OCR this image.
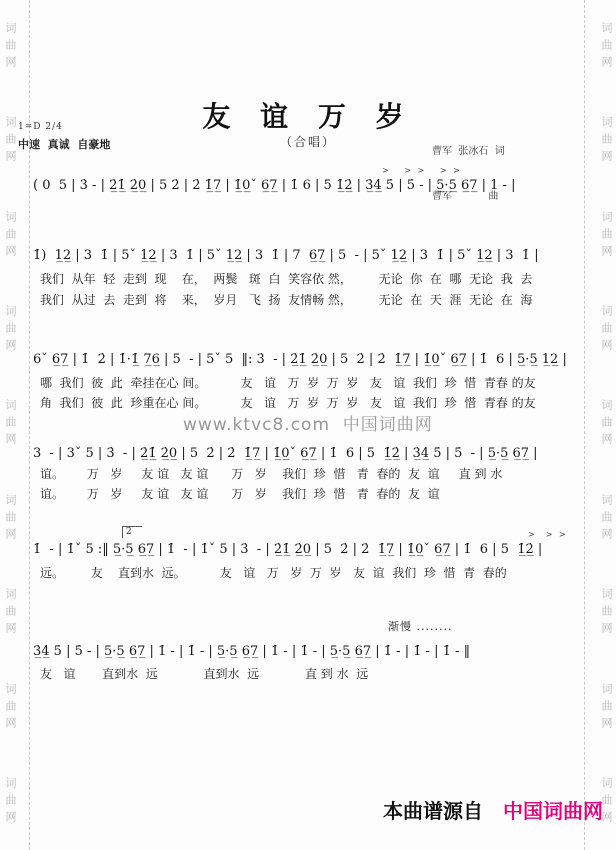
词曲网
词曲网
词曲网
词曲网
词曲网
词曲网
词曲网
词曲网
词曲网
词曲网
词曲网
词曲网
词曲网
词曲网
词曲网
词曲网
词曲网
词曲网
1=D 2/4
中速  真诚  自豪地
友 谊 万 岁
（合唱）

曹军  张冰石  词

曹军　　　  曲

>   > >   > >
( 0  5 | 3̇ - | 2̲̇1̲̇ 2̲̇0̲ | 5 2̇ | 2̇ 1̲̇7̲ | 1̲̇0̲ˇ 6̲7̲ | 1̇ 6 | 5 1̲̇2̲̇ | 3̲̇4̲̇ 5̇ | 5̇ - | 5̲·5̲ 6̲7̲ | 1 - |
1̇)  1̲2̲ | 3  1̇ | 5ˇ 1̲2̲ | 3  1̇ | 5ˇ 1̲2̲ | 3  1̇ | 7  6̲7̲ | 5  - | 5ˇ 1̲2̲ | 3  1̇ | 5ˇ 1̲2̲ | 3  1̇ |
我们  从年  轻  走到  现    在，  两鬓   斑  白  笑容依 然，       无论  你  在  哪  无论  我  去
我们  从过  去  走到  将    来，  岁月   飞  扬  友情畅 然，       无论  在  天  涯  无论  在  海
6ˇ 6̲7̲ | 1̇  2̇ | 1̇·1̲̇ 7̲6̲ | 5  - | 5ˇ 5  ‖: 3̇  - | 2̲̇1̲̇ 2̲̇0̲ | 5  2̇ | 2̇  1̲̇7̲ | 1̲̇0̲ˇ 6̲7̲ | 1̇  6 | 5̲·5̲ 1̲2̲ |
哪  我们  彼  此  牵挂在心 间。         友   谊   万  岁  万  岁   友   谊  我们  珍  惜  青春 的友
角  我们  彼  此  珍重在心 间。         友   谊   万  岁  万  岁   友   谊  我们  珍  惜  青春 的友
www.ktvc8.com  中国词曲网
3  - | 3ˇ 5 | 3̇  - | 2̲̇1̲̇ 2̲̇0̲ | 5  2̇ | 2̇  1̲̇7̲ | 1̲̇0̲ˇ 6̲7̲ | 1̇  6 | 5  1̲̇2̲̇ | 3̲̇4̲̇ 5̇ | 5̇  - | 5̲·5̲ 6̲7̲ |
谊。      万   岁     友 谊   友 谊      万   岁    我们  珍  惜   青  春的  友  谊     直 到 水
谊。      万   岁     友 谊   友 谊      万   岁    我们  珍  惜   青  春的  友  谊
2	>  > >
1̇  - | 1̇ˇ 5 :‖ 5̲·5̲ 6̲7̲ | 1̇  - | 1̇ˇ 5 | 3̇  - | 2̲̇1̲̇ 2̲̇0̲ | 5  2̇ | 2̇  1̲̇7̲ | 1̲̇0̲ˇ 6̲7̲ | 1̇  6 | 5  1̲̇2̲̇ |
远。       友    直到水  远。         友   谊   万   岁  万  岁   友  谊  我们  珍  惜  青  春的
渐慢 ........
3̲̇4̲̇ 5̇ | 5̇ - | 5̲·5̲ 6̲7̲ | 1̇ - | 1̇ - | 5̲·5̲ 6̲7̲ | 1̇ - | 1̇ - | 5̲·5̲ 6̲7̲ | 1̇ - | 1̇ - | 1̇ - ‖
友   谊       直到水  远            直到水  远            直 到 水  远
本曲谱源自 中国词曲网
